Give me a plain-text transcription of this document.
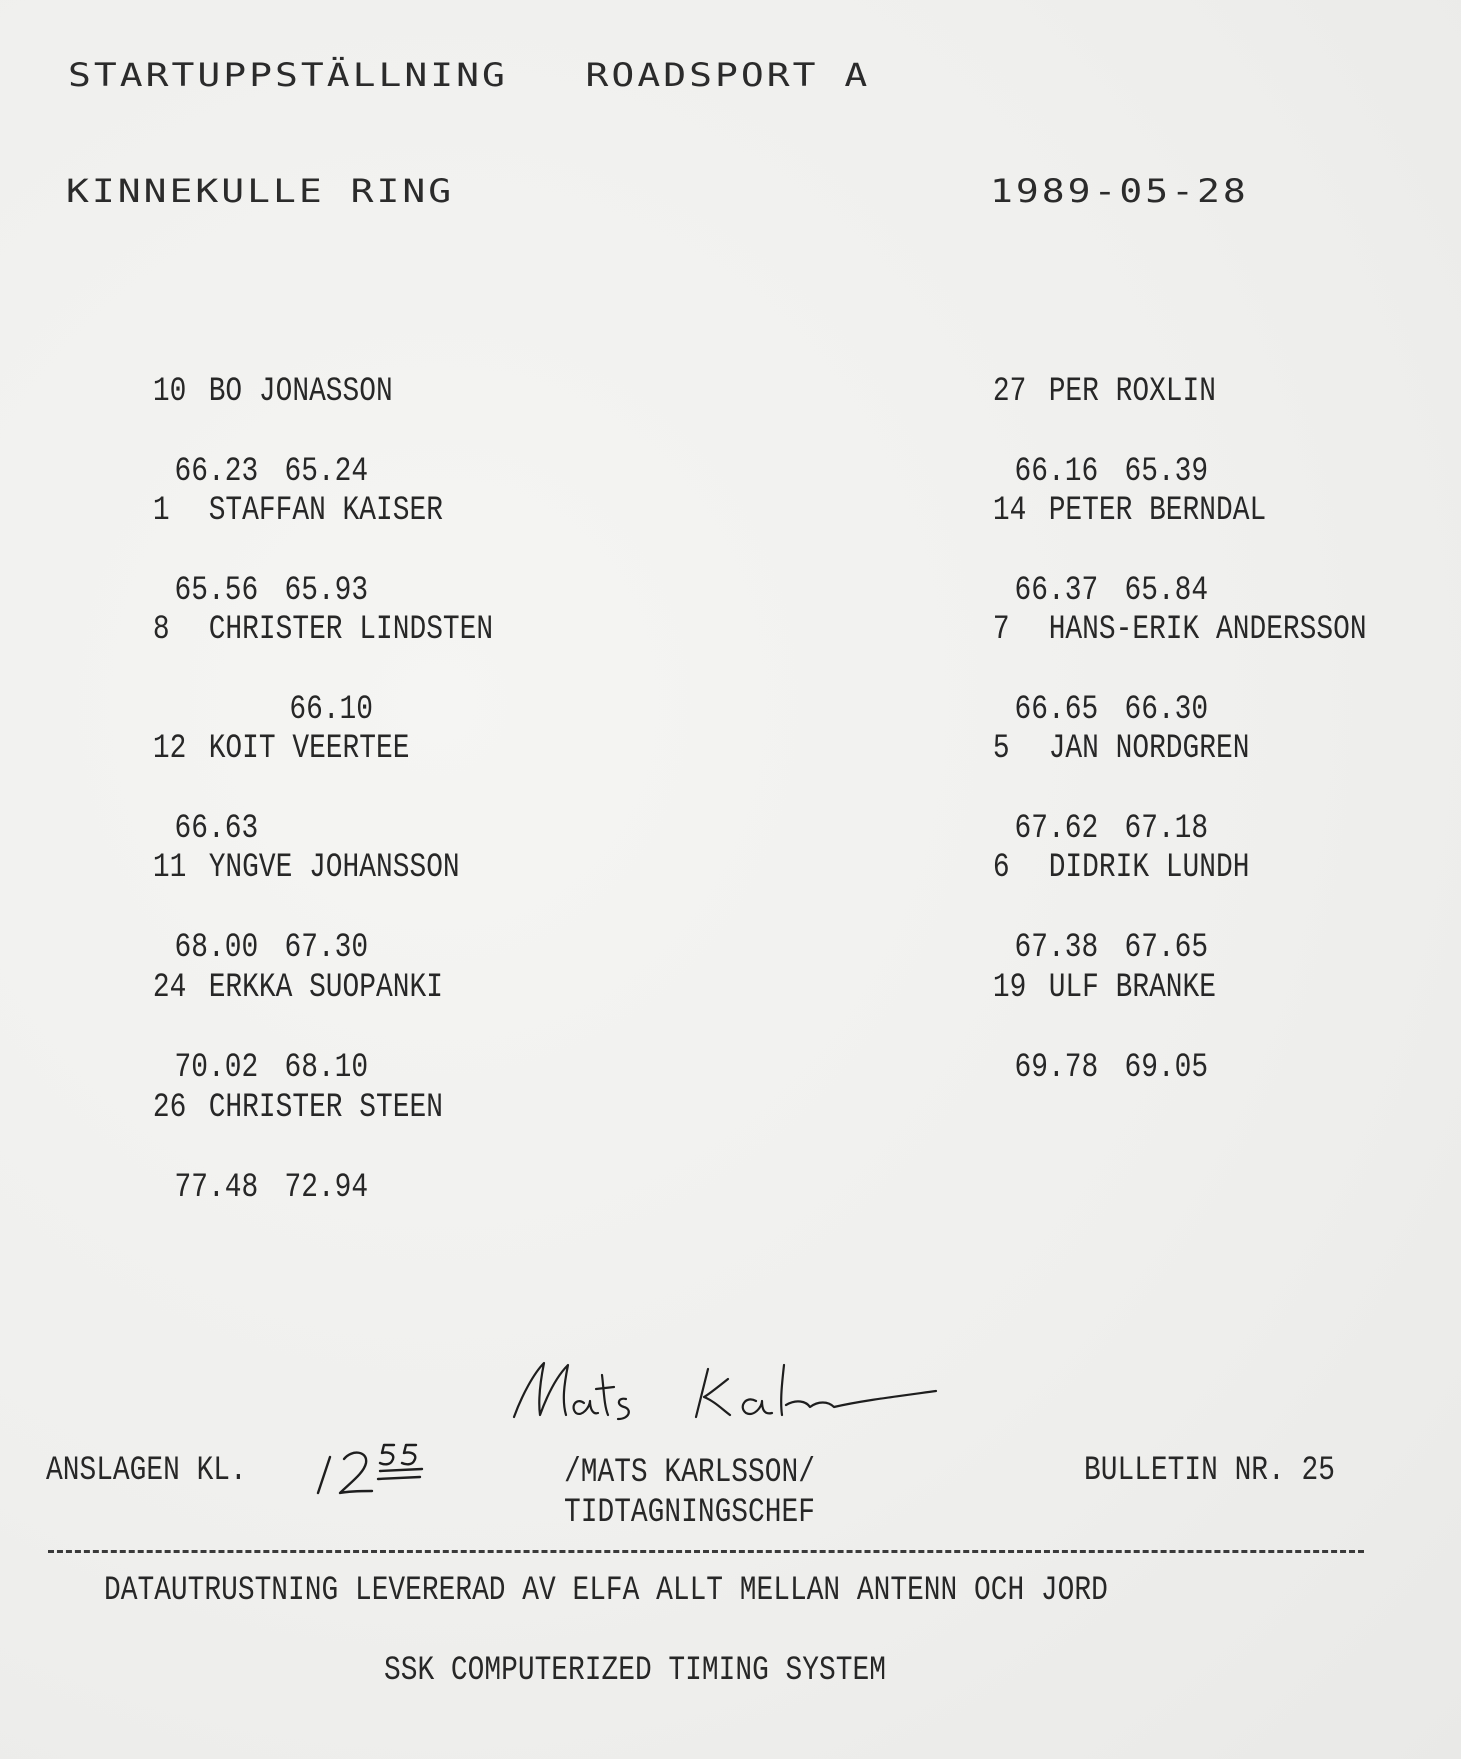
STARTUPPSTÄLLNING   ROADSPORT A
KINNEKULLE RING	1989-05-28

10 BO JONASSON

66.23 65.24

1 STAFFAN KAISER

65.56 65.93

8 CHRISTER LINDSTEN

66.10

12 KOIT VEERTEE

66.63

11 YNGVE JOHANSSON

68.00 67.30

24 ERKKA SUOPANKI

70.02 68.10

26 CHRISTER STEEN

77.48 72.94

27 PER ROXLIN

66.16 65.39

14 PETER BERNDAL

66.37 65.84

7 HANS-ERIK ANDERSSON

66.65 66.30

5 JAN NORDGREN

67.62 67.18

6 DIDRIK LUNDH

67.38 67.65

19 ULF BRANKE

69.78 69.05

ANSLAGEN KL.	/MATS KARLSSON/
TIDTAGNINGSCHEF
BULLETIN NR. 25
DATAUTRUSTNING LEVERERAD AV ELFA ALLT MELLAN ANTENN OCH JORD
SSK COMPUTERIZED TIMING SYSTEM
